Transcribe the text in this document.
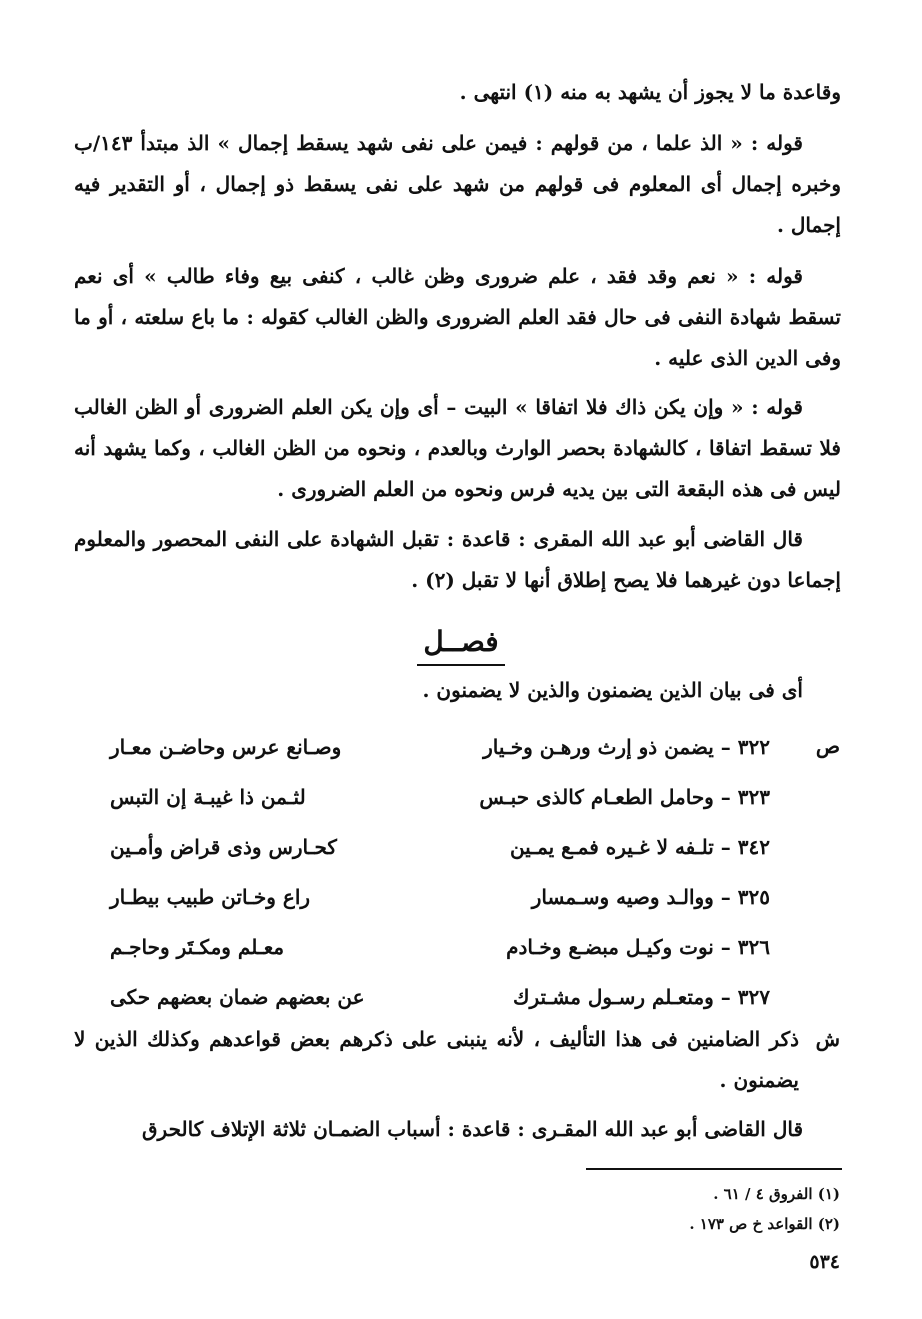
وقاعدة ما لا يجوز أن يشهد به منه (١) انتهى .
قوله : « الذ علما ، من قولهم : فيمن على نفى شهد يسقط إجمال » الذ مبتدأ ١٤٣/ب وخبره إجمال أى المعلوم فى قولهم من شهد على نفى يسقط ذو إجمال ، أو التقدير فيه إجمال .
قوله : « نعم وقد فقد ، علم ضرورى وظن غالب ، كنفى بيع وفاء طالب » أى نعم تسقط شهادة النفى فى حال فقد العلم الضرورى والظن الغالب كقوله : ما باع سلعته ، أو ما وفى الدين الذى عليه .
قوله : « وإن يكن ذاك فلا اتفاقا » البيت – أى وإن يكن العلم الضرورى أو الظن الغالب فلا تسقط اتفاقا ، كالشهادة بحصر الوارث وبالعدم ، ونحوه من الظن الغالب ، وكما يشهد أنه ليس فى هذه البقعة التى بين يديه فرس ونحوه من العلم الضرورى .
قال القاضى أبو عبد الله المقرى : قاعدة : تقبل الشهادة على النفى المحصور والمعلوم إجماعا دون غيرهما فلا يصح إطلاق أنها لا تقبل (٢) .
فصــل
أى فى بيان الذين يضمنون والذين لا يضمنون .
ص
٣٢٢ – يضمن ذو إرث ورهـن وخـيار
وصـانع عرس وحاضـن معـار
٣٢٣ – وحامل الطعـام كالذى حبـس
لثـمن ذا غيبـة إن التبس
٣٤٢ – تلـفه لا غـيره فمـع يمـين
كحـارس وذى قراض وأمـين
٣٢٥ – ووالـد وصيه وسـمسار
راع وخـاتن طبيب بيطـار
٣٢٦ – نوت وكيـل مبضـع وخـادم
معـلم ومكـتَر وحاجـم
٣٢٧ – ومتعـلم رسـول مشـترك
عن بعضهم ضمان بعضهم حكى
ش
ذكر الضامنين فى هذا التأليف ، لأنه ينبنى على ذكرهم بعض قواعدهم وكذلك الذين لا يضمنون .
قال القاضى أبو عبد الله المقـرى : قاعدة : أسباب الضمـان ثلاثة الإتلاف كالحرق
(١) الفروق ٤ / ٦١ .
(٢) القواعد خ ص ١٧٣ .
٥٣٤
